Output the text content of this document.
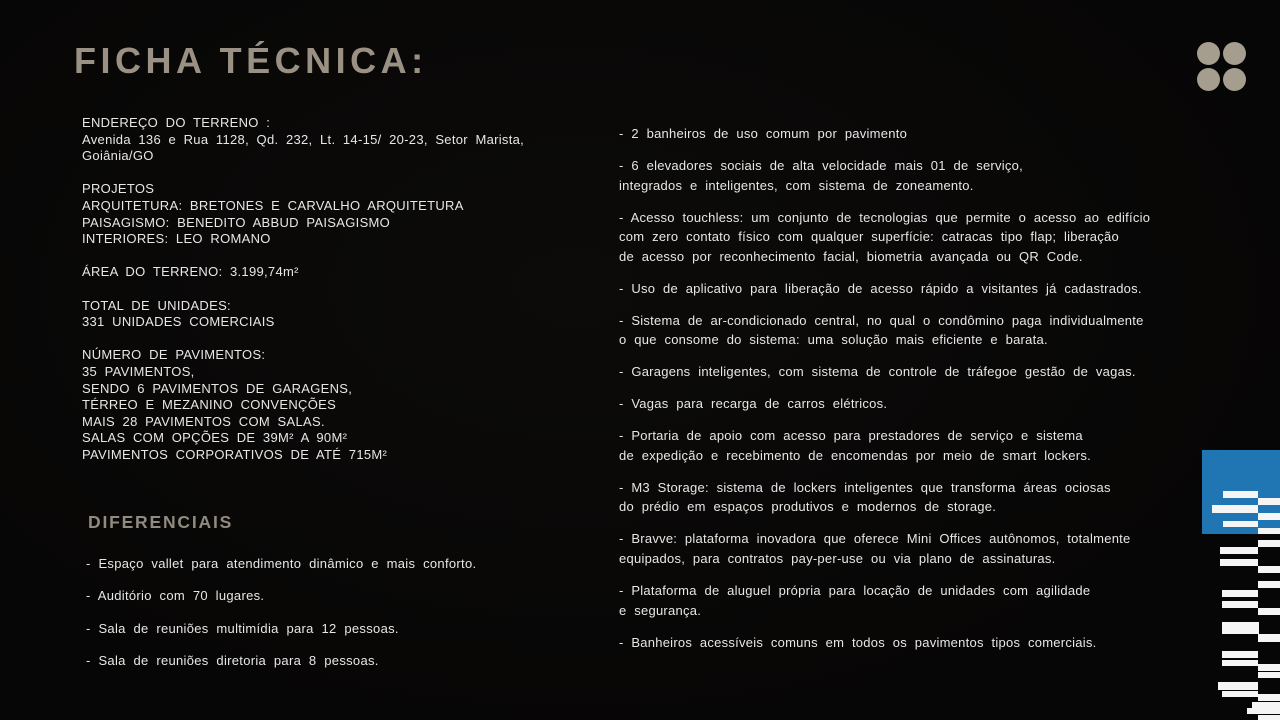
FICHA TÉCNICA:
ENDEREÇO DO TERRENO :
Avenida 136 e Rua 1128, Qd. 232, Lt. 14-15/ 20-23, Setor Marista,
Goiânia/GO
PROJETOS
ARQUITETURA: BRETONES E CARVALHO ARQUITETURA
PAISAGISMO: BENEDITO ABBUD PAISAGISMO
INTERIORES: LEO ROMANO
ÁREA DO TERRENO: 3.199,74m²
TOTAL DE UNIDADES:
331 UNIDADES COMERCIAIS
NÚMERO DE PAVIMENTOS:
35 PAVIMENTOS,
SENDO 6 PAVIMENTOS DE GARAGENS,
TÉRREO E MEZANINO CONVENÇÕES
MAIS 28 PAVIMENTOS COM SALAS.
SALAS COM OPÇÕES DE 39M² A 90M²
PAVIMENTOS CORPORATIVOS DE ATÉ 715M²
DIFERENCIAIS
- Espaço vallet para atendimento dinâmico e mais conforto.
- Auditório com 70 lugares.
- Sala de reuniões multimídia para 12 pessoas.
- Sala de reuniões diretoria para 8 pessoas.
- 2 banheiros de uso comum por pavimento
- 6 elevadores sociais de alta velocidade mais 01 de serviço,
integrados e inteligentes, com sistema de zoneamento.
- Acesso touchless: um conjunto de tecnologias que permite o acesso ao edifício
com zero contato físico com qualquer superfície: catracas tipo flap; liberação
de acesso por reconhecimento facial, biometria avançada ou QR Code.
- Uso de aplicativo para liberação de acesso rápido a visitantes já cadastrados.
- Sistema de ar-condicionado central, no qual o condômino paga individualmente
o que consome do sistema: uma solução mais eficiente e barata.
- Garagens inteligentes, com sistema de controle de tráfegoe gestão de vagas.
- Vagas para recarga de carros elétricos.
- Portaria de apoio com acesso para prestadores de serviço e sistema
de expedição e recebimento de encomendas por meio de smart lockers.
- M3 Storage: sistema de lockers inteligentes que transforma áreas ociosas
do prédio em espaços produtivos e modernos de storage.
- Bravve: plataforma inovadora que oferece Mini Offices autônomos, totalmente
equipados, para contratos pay-per-use ou via plano de assinaturas.
- Plataforma de aluguel própria para locação de unidades com agilidade
e segurança.
- Banheiros acessíveis comuns em todos os pavimentos tipos comerciais.
